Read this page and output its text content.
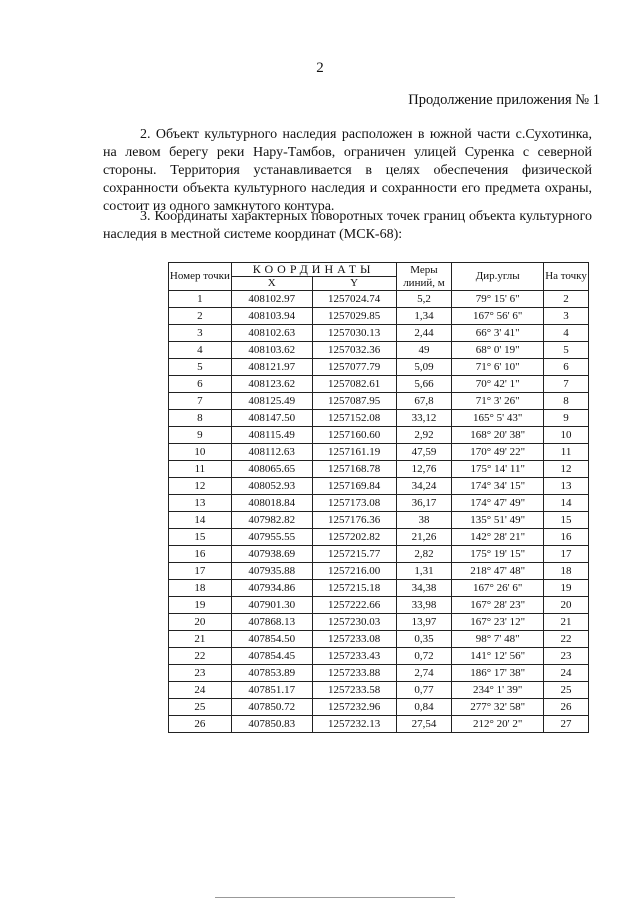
2
Продолжение приложения № 1

2. Объект культурного наследия расположен в южной части с.Сухотинка, на левом берегу реки Нару-Тамбов, ограничен улицей Суренка с северной стороны. Территория устанавливается в целях обеспечения физической сохранности объекта культурного наследия и сохранности его предмета охраны, состоит из одного замкнутого контура.

3. Координаты характерных поворотных точек границ объекта культурного наследия в местной системе координат (МСК-68):

Номер точки	КООРДИНАТЫ		Меры линий, м	Дир.углы	На точку
	X	Y			
1	408102.97	1257024.74	5,2	79° 15' 6"	2
2	408103.94	1257029.85	1,34	167° 56' 6"	3
3	408102.63	1257030.13	2,44	66° 3' 41"	4
4	408103.62	1257032.36	49	68° 0' 19"	5
5	408121.97	1257077.79	5,09	71° 6' 10"	6
6	408123.62	1257082.61	5,66	70° 42' 1"	7
7	408125.49	1257087.95	67,8	71° 3' 26"	8
8	408147.50	1257152.08	33,12	165° 5' 43"	9
9	408115.49	1257160.60	2,92	168° 20' 38"	10
10	408112.63	1257161.19	47,59	170° 49' 22"	11
11	408065.65	1257168.78	12,76	175° 14' 11"	12
12	408052.93	1257169.84	34,24	174° 34' 15"	13
13	408018.84	1257173.08	36,17	174° 47' 49"	14
14	407982.82	1257176.36	38	135° 51' 49"	15
15	407955.55	1257202.82	21,26	142° 28' 21"	16
16	407938.69	1257215.77	2,82	175° 19' 15"	17
17	407935.88	1257216.00	1,31	218° 47' 48"	18
18	407934.86	1257215.18	34,38	167° 26' 6"	19
19	407901.30	1257222.66	33,98	167° 28' 23"	20
20	407868.13	1257230.03	13,97	167° 23' 12"	21
21	407854.50	1257233.08	0,35	98° 7' 48"	22
22	407854.45	1257233.43	0,72	141° 12' 56"	23
23	407853.89	1257233.88	2,74	186° 17' 38"	24
24	407851.17	1257233.58	0,77	234° 1' 39"	25
25	407850.72	1257232.96	0,84	277° 32' 58"	26
26	407850.83	1257232.13	27,54	212° 20' 2"	27
